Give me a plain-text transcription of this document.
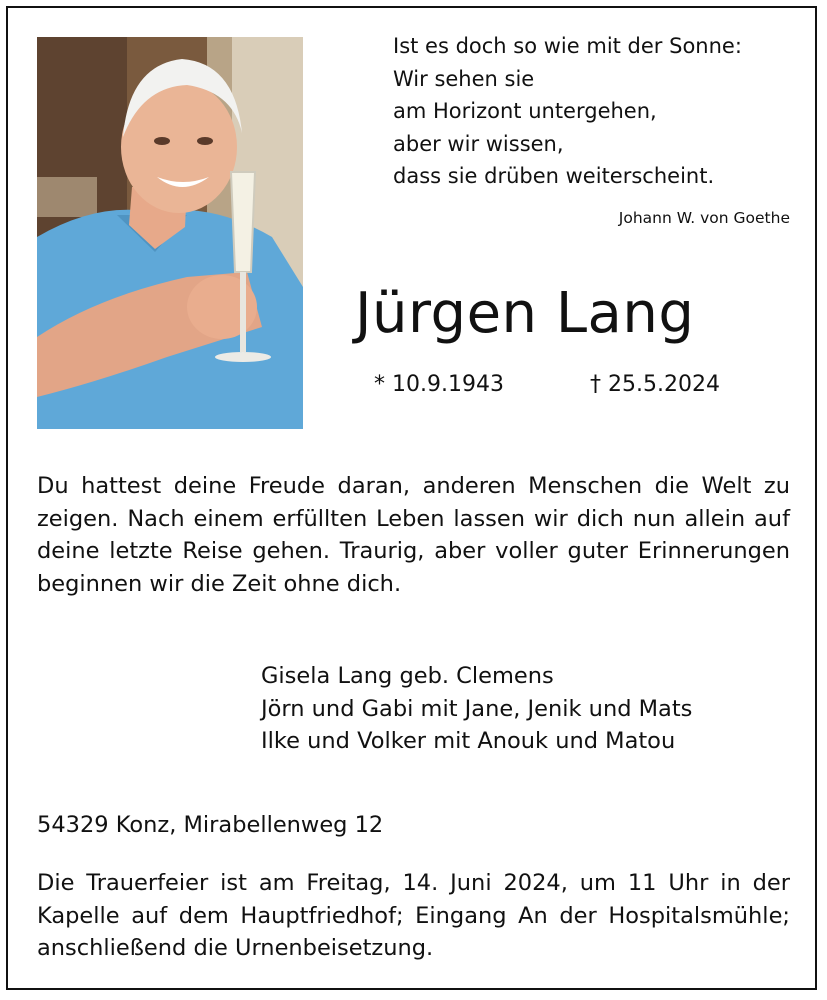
Ist es doch so wie mit der Sonne:
Wir sehen sie
am Horizont untergehen,
aber wir wissen,
dass sie drüben weiterscheint.
Johann W. von Goethe
Jürgen Lang
* 10.9.1943	† 25.5.2024
Du hattest deine Freude daran, anderen Menschen die Welt zu zeigen. Nach einem erfüllten Leben lassen wir dich nun allein auf deine letzte Reise gehen. Traurig, aber voller guter Erinnerungen beginnen wir die Zeit ohne dich.
Gisela Lang geb. Clemens
Jörn und Gabi mit Jane, Jenik und Mats
Ilke und Volker mit Anouk und Matou
54329 Konz, Mirabellenweg 12
Die Trauerfeier ist am Freitag, 14. Juni 2024, um 11 Uhr in der Kapelle auf dem Hauptfriedhof; Eingang An der Hospitalsmühle; anschließend die Urnenbeisetzung.
